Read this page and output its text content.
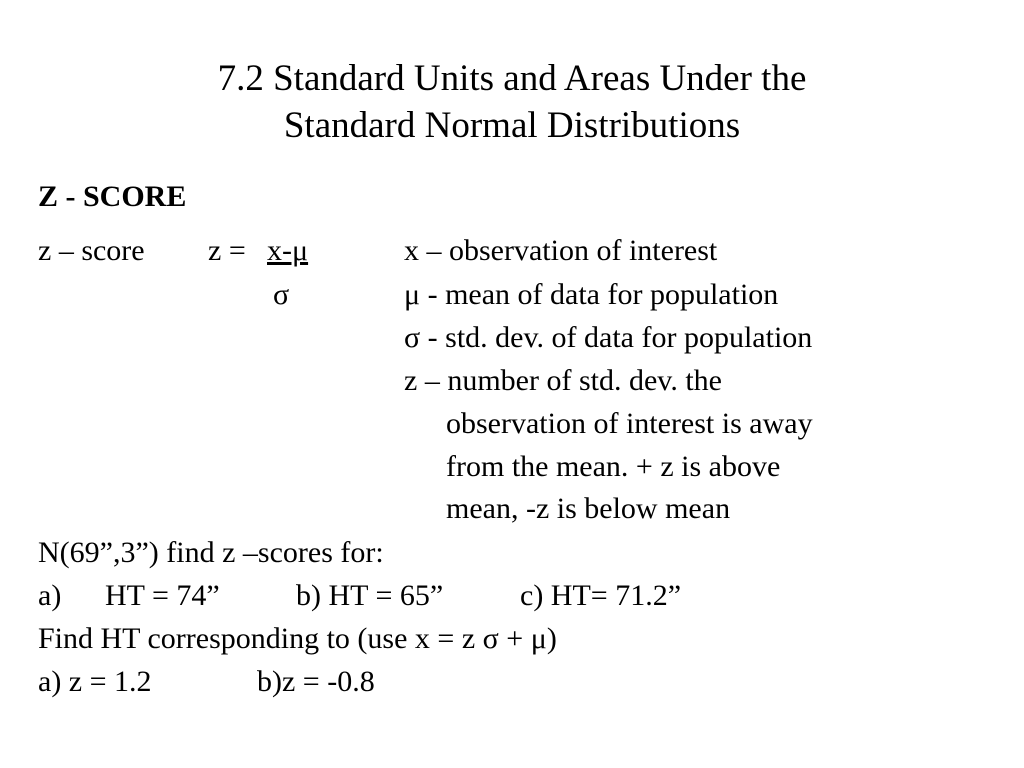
7.2 Standard Units and Areas Under the
Standard Normal Distributions
Z - SCORE
z – score z = x-μ
σ
x – observation of interest
μ - mean of data for population
σ - std. dev. of data for population
z – number of std. dev. the
observation of interest is away
from the mean. + z is above
mean, -z is below mean
N(69”,3”) find z –scores for:
a) HT = 74”	b) HT = 65”	c) HT= 71.2”
Find HT corresponding to (use x = z σ + μ)
a) z = 1.2	b)z = -0.8
